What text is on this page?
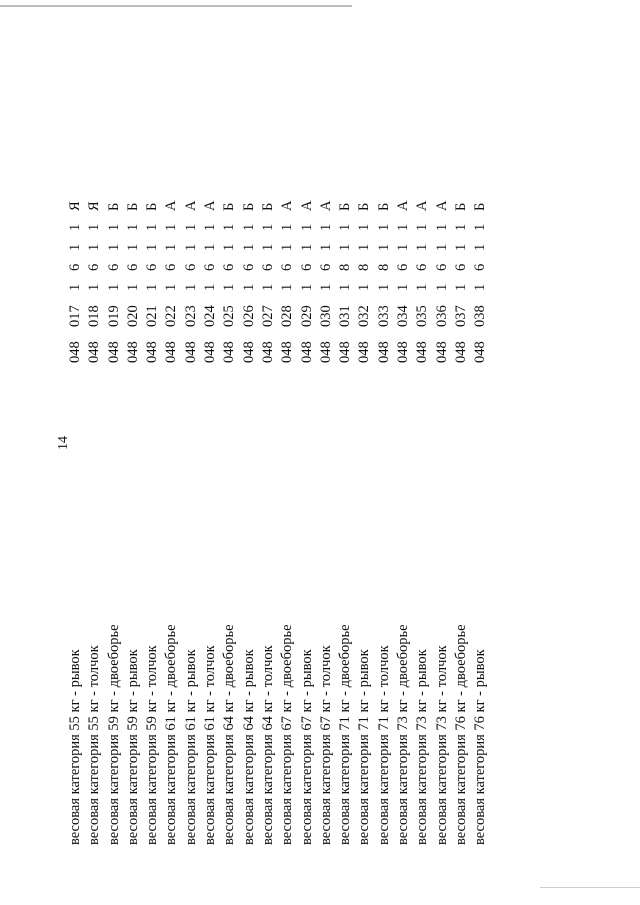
14
весовая категория 55 кг - рывок
048
017
1
6
1
1
Я
весовая категория 55 кг - толчок
048
018
1
6
1
1
Я
весовая категория 59 кг - двоеборье
048
019
1
6
1
1
Б
весовая категория 59 кг - рывок
048
020
1
6
1
1
Б
весовая категория 59 кг - толчок
048
021
1
6
1
1
Б
весовая категория 61 кг - двоеборье
048
022
1
6
1
1
А
весовая категория 61 кг - рывок
048
023
1
6
1
1
А
весовая категория 61 кг - толчок
048
024
1
6
1
1
А
весовая категория 64 кг - двоеборье
048
025
1
6
1
1
Б
весовая категория 64 кг - рывок
048
026
1
6
1
1
Б
весовая категория 64 кг - толчок
048
027
1
6
1
1
Б
весовая категория 67 кг - двоеборье
048
028
1
6
1
1
А
весовая категория 67 кг - рывок
048
029
1
6
1
1
А
весовая категория 67 кг - толчок
048
030
1
6
1
1
А
весовая категория 71 кг - двоеборье
048
031
1
8
1
1
Б
весовая категория 71 кг - рывок
048
032
1
8
1
1
Б
весовая категория 71 кг - толчок
048
033
1
8
1
1
Б
весовая категория 73 кг - двоеборье
048
034
1
6
1
1
А
весовая категория 73 кг - рывок
048
035
1
6
1
1
А
весовая категория 73 кг - толчок
048
036
1
6
1
1
А
весовая категория 76 кг - двоеборье
048
037
1
6
1
1
Б
весовая категория 76 кг - рывок
048
038
1
6
1
1
Б
